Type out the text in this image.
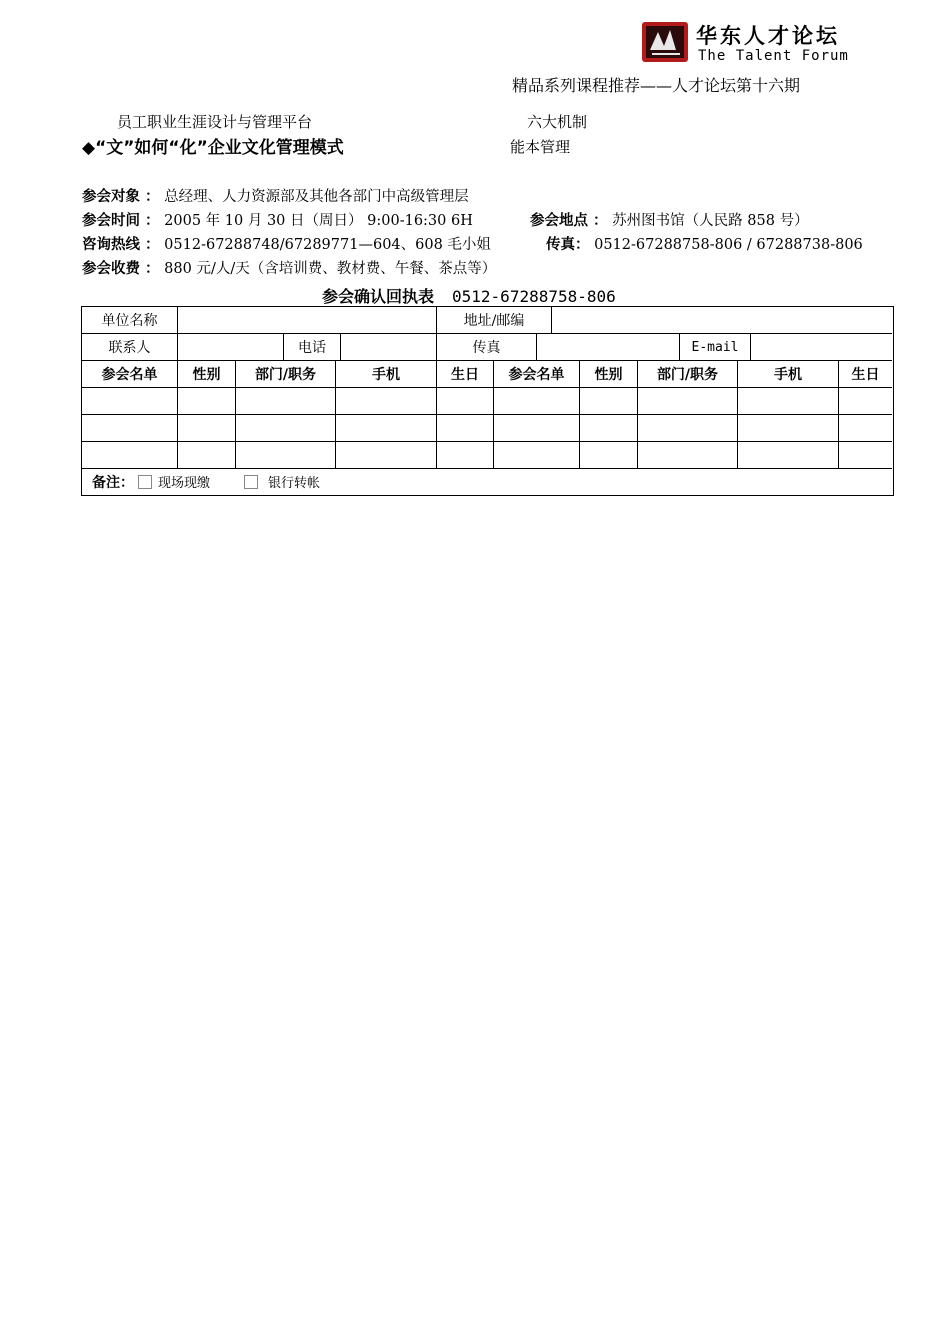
华东人才论坛
The Talent Forum
精品系列课程推荐——人才论坛第十六期
员工职业生涯设计与管理平台
◆“文”如何“化”企业文化管理模式
六大机制
能本管理
参会对象 ： 总经理、人力资源部及其他各部门中高级管理层
参会时间 ： 2005 年 10 月 30 日（周日） 9:00-16:30 6H	参会地点 ： 苏州图书馆（人民路 858 号）
咨询热线 ： 0512-67288748/67289771—604、608 毛小姐	传真： 0512-67288758-806 / 67288738-806
参会收费 ： 880 元/人/天（含培训费、教材费、午餐、茶点等）
参会确认回执表 0512-67288758-806
单位名称	地址/邮编
联系人	电话	传真	E-mail
参会名单	性别	部门/职务	手机	生日	参会名单	性别	部门/职务	手机	生日
备注： 现场现缴	银行转帐
